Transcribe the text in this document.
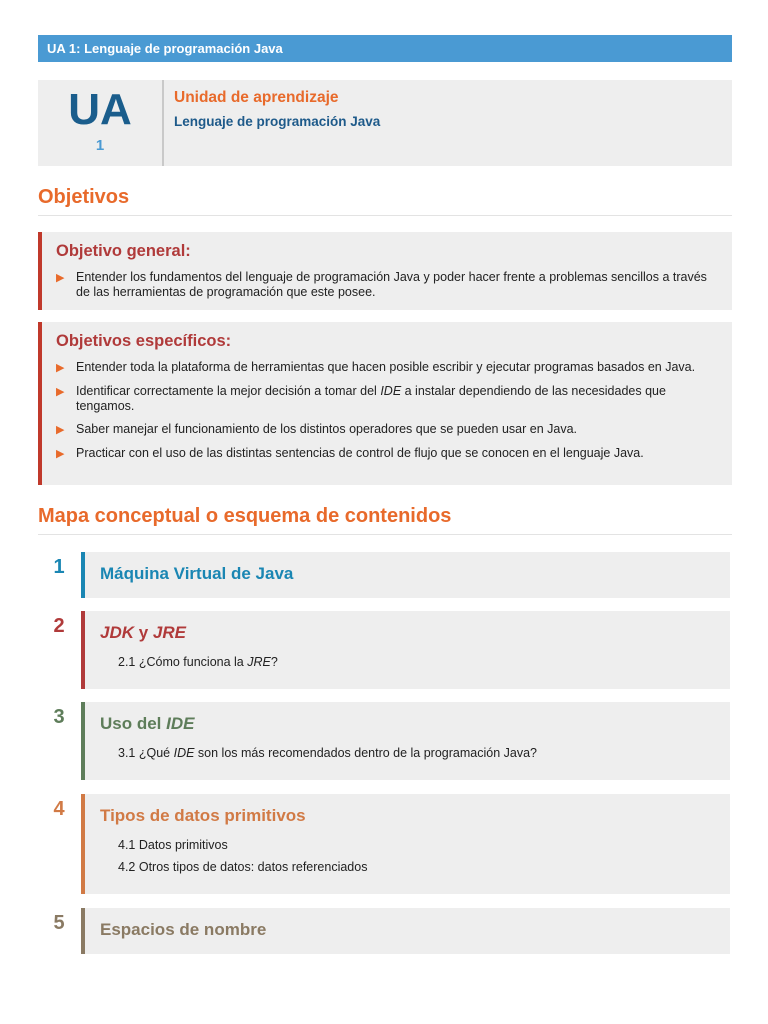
UA 1: Lenguaje de programación Java
UA
1
Unidad de aprendizaje
Lenguaje de programación Java
Objetivos
Objetivo general:
▶ Entender los fundamentos del lenguaje de programación Java y poder hacer frente a problemas sencillos a través de las herramientas de programación que este posee.
Objetivos específicos:
▶ Entender toda la plataforma de herramientas que hacen posible escribir y ejecutar programas basados en Java.
▶ Identificar correctamente la mejor decisión a tomar del IDE a instalar dependiendo de las necesidades que tengamos.
▶ Saber manejar el funcionamiento de los distintos operadores que se pueden usar en Java.
▶ Practicar con el uso de las distintas sentencias de control de flujo que se conocen en el lenguaje Java.
Mapa conceptual o esquema de contenidos
1	Máquina Virtual de Java
2	JDK y JRE
2.1 ¿Cómo funciona la JRE?
3	Uso del IDE
3.1 ¿Qué IDE son los más recomendados dentro de la programación Java?
4	Tipos de datos primitivos
4.1 Datos primitivos
4.2 Otros tipos de datos: datos referenciados
5	Espacios de nombre
